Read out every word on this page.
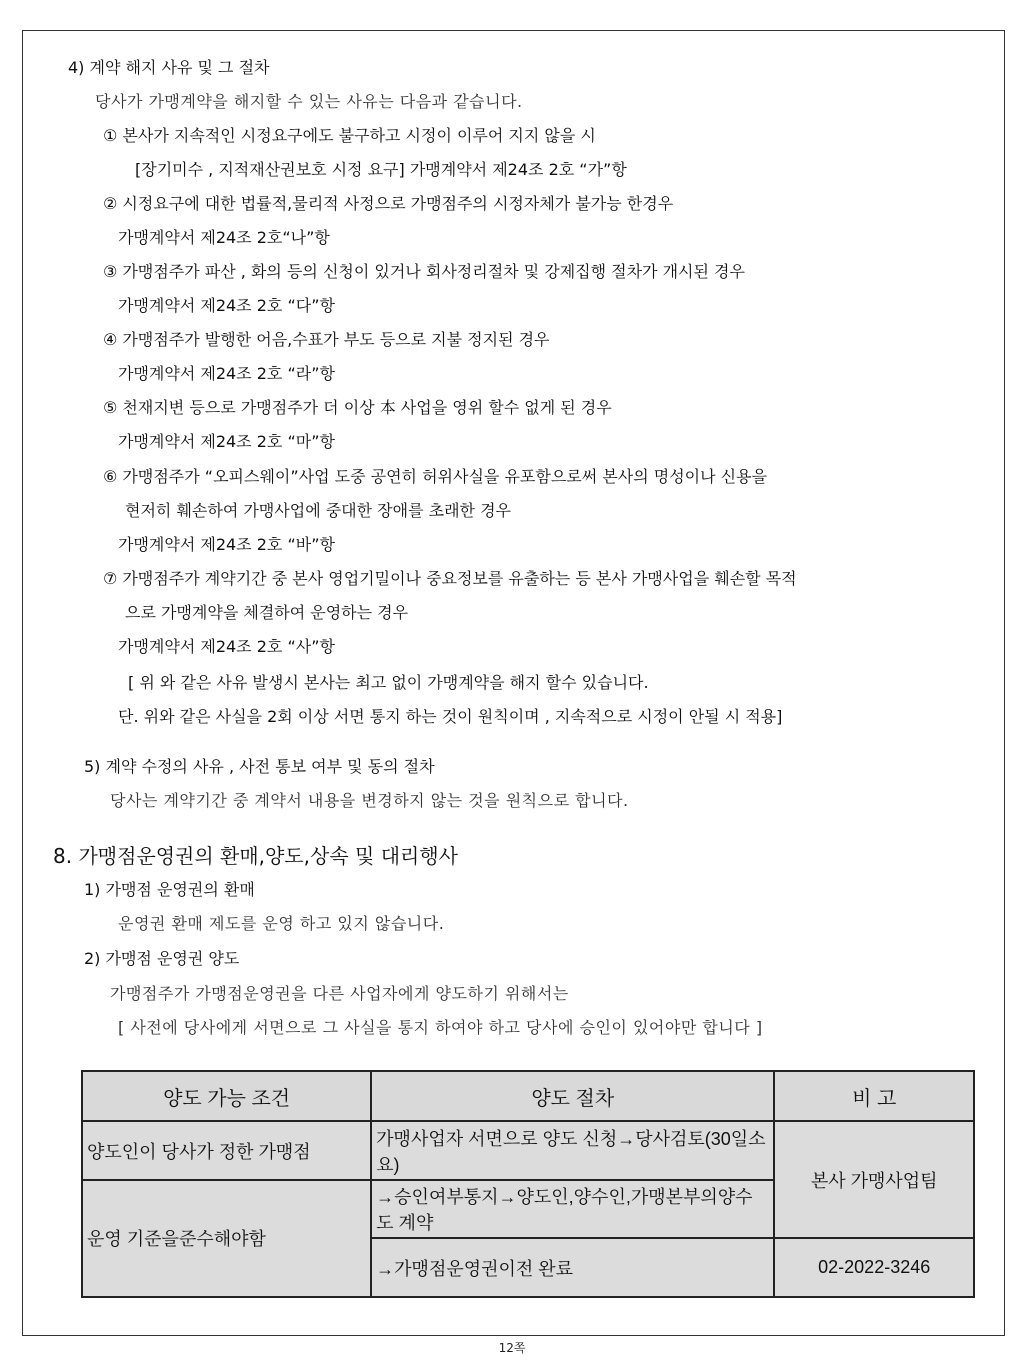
4) 계약 해지 사유 및 그 절차
당사가 가맹계약을 해지할 수 있는 사유는 다음과 같습니다.
① 본사가 지속적인 시정요구에도 불구하고 시정이 이루어 지지 않을 시
[장기미수 , 지적재산권보호 시정 요구] 가맹계약서 제24조 2호 “가”항
② 시정요구에 대한 법률적,물리적 사정으로 가맹점주의 시정자체가 불가능 한경우
가맹계약서 제24조 2호“나”항
③ 가맹점주가 파산 , 화의 등의 신청이 있거나 회사정리절차 및 강제집행 절차가 개시된 경우
가맹계약서 제24조 2호 “다”항
④ 가맹점주가 발행한 어음,수표가 부도 등으로 지불 정지된 경우
가맹계약서 제24조 2호 “라”항
⑤ 천재지변 등으로 가맹점주가 더 이상 本 사업을 영위 할수 없게 된 경우
가맹계약서 제24조 2호 “마”항
⑥ 가맹점주가 “오피스웨이”사업 도중 공연히 허위사실을 유포함으로써 본사의 명성이나 신용을
현저히 훼손하여 가맹사업에 중대한 장애를 초래한 경우
가맹계약서 제24조 2호 “바”항
⑦ 가맹점주가 계약기간 중 본사 영업기밀이나 중요정보를 유출하는 등 본사 가맹사업을 훼손할 목적
으로 가맹계약을 체결하여 운영하는 경우
가맹계약서 제24조 2호 “사”항
[ 위 와 같은 사유 발생시 본사는 최고 없이 가맹계약을 해지 할수 있습니다.
단. 위와 같은 사실을 2회 이상 서면 통지 하는 것이 원칙이며 , 지속적으로 시정이 안될 시 적용]
5) 계약 수정의 사유 , 사전 통보 여부 및 동의 절차
당사는 계약기간 중 계약서 내용을 변경하지 않는 것을 원칙으로 합니다.
8. 가맹점운영권의 환매,양도,상속 및 대리행사
1) 가맹점 운영권의 환매
운영권 환매 제도를 운영 하고 있지 않습니다.
2) 가맹점 운영권 양도
가맹점주가 가맹점운영권을 다른 사업자에게 양도하기 위해서는
[ 사전에 당사에게 서면으로 그 사실을 통지 하여야 하고 당사에 승인이 있어야만 합니다 ]
양도 가능 조건	양도 절차	비 고
양도인이 당사가 정한 가맹점	가맹사업자 서면으로 양도 신청→당사검토(30일소요)	본사 가맹사업팀
운영 기준을준수해야함	→승인여부통지→양도인,양수인,가맹본부의양수도 계약	
	→가맹점운영권이전 완료	02-2022-3246
12쪽
